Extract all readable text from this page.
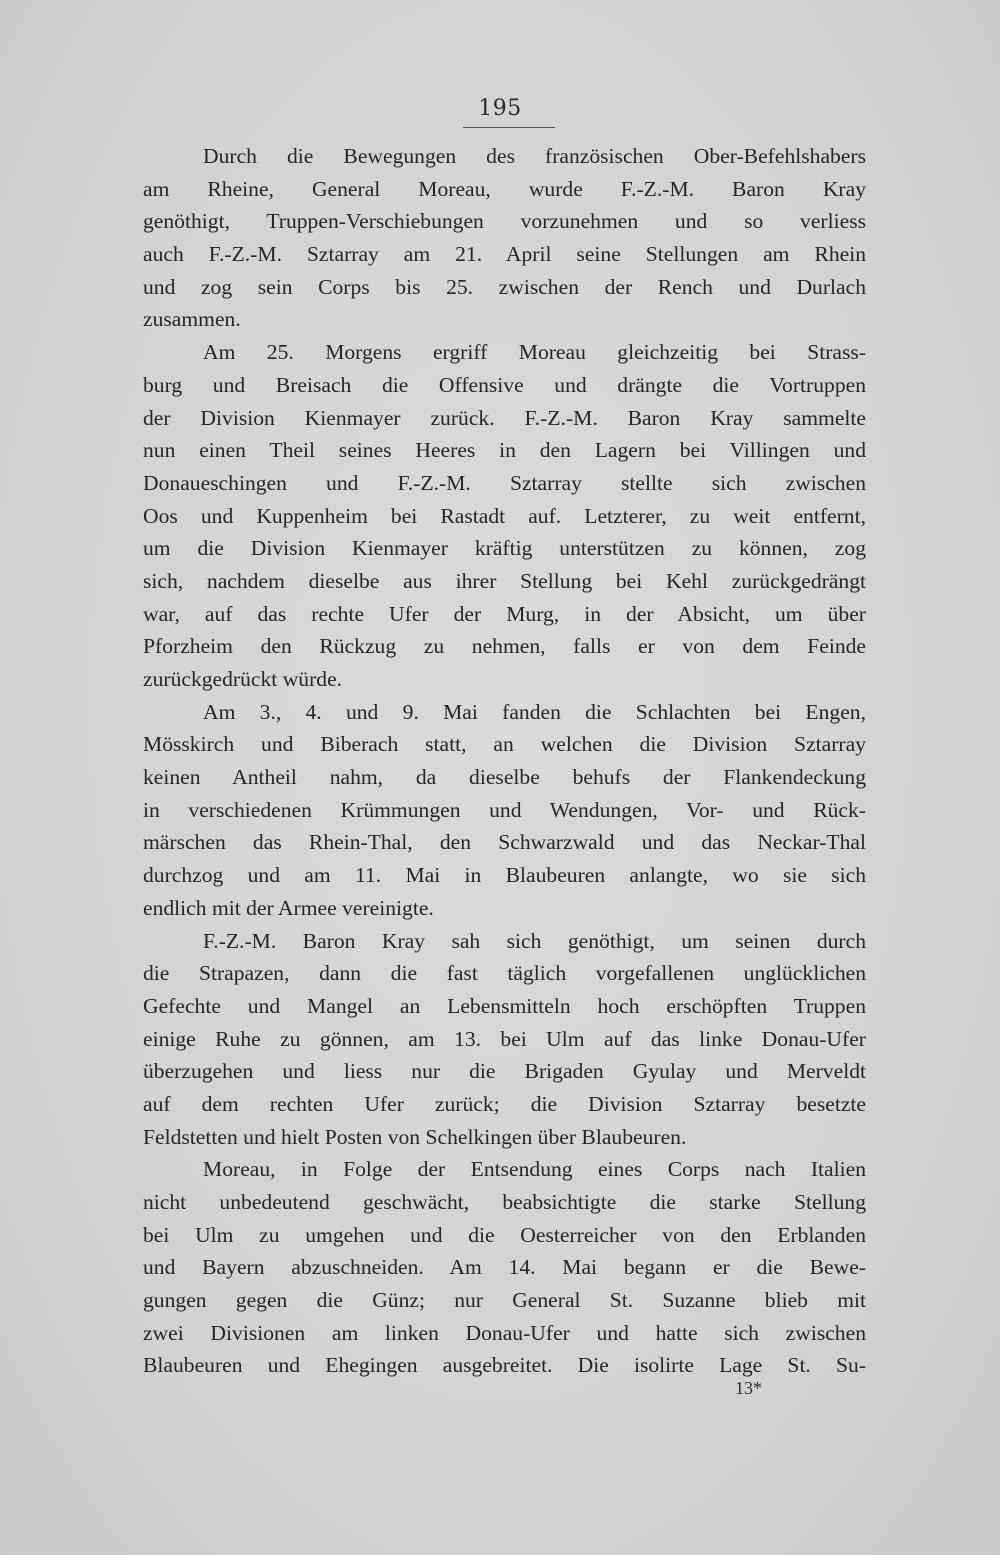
195
Durch die Bewegungen des französischen Ober-Befehlshabers
am Rheine, General Moreau, wurde F.-Z.-M. Baron Kray
genöthigt, Truppen-Verschiebungen vorzunehmen und so verliess
auch F.-Z.-M. Sztarray am 21. April seine Stellungen am Rhein
und zog sein Corps bis 25. zwischen der Rench und Durlach
zusammen.
Am 25. Morgens ergriff Moreau gleichzeitig bei Strass-
burg und Breisach die Offensive und drängte die Vortruppen
der Division Kienmayer zurück. F.-Z.-M. Baron Kray sammelte
nun einen Theil seines Heeres in den Lagern bei Villingen und
Donaueschingen und F.-Z.-M. Sztarray stellte sich zwischen
Oos und Kuppenheim bei Rastadt auf. Letzterer, zu weit entfernt,
um die Division Kienmayer kräftig unterstützen zu können, zog
sich, nachdem dieselbe aus ihrer Stellung bei Kehl zurückgedrängt
war, auf das rechte Ufer der Murg, in der Absicht, um über
Pforzheim den Rückzug zu nehmen, falls er von dem Feinde
zurückgedrückt würde.
Am 3., 4. und 9. Mai fanden die Schlachten bei Engen,
Mösskirch und Biberach statt, an welchen die Division Sztarray
keinen Antheil nahm, da dieselbe behufs der Flankendeckung
in verschiedenen Krümmungen und Wendungen, Vor- und Rück-
märschen das Rhein-Thal, den Schwarzwald und das Neckar-Thal
durchzog und am 11. Mai in Blaubeuren anlangte, wo sie sich
endlich mit der Armee vereinigte.
F.-Z.-M. Baron Kray sah sich genöthigt, um seinen durch
die Strapazen, dann die fast täglich vorgefallenen unglücklichen
Gefechte und Mangel an Lebensmitteln hoch erschöpften Truppen
einige Ruhe zu gönnen, am 13. bei Ulm auf das linke Donau-Ufer
überzugehen und liess nur die Brigaden Gyulay und Merveldt
auf dem rechten Ufer zurück; die Division Sztarray besetzte
Feldstetten und hielt Posten von Schelkingen über Blaubeuren.
Moreau, in Folge der Entsendung eines Corps nach Italien
nicht unbedeutend geschwächt, beabsichtigte die starke Stellung
bei Ulm zu umgehen und die Oesterreicher von den Erblanden
und Bayern abzuschneiden. Am 14. Mai begann er die Bewe-
gungen gegen die Günz; nur General St. Suzanne blieb mit
zwei Divisionen am linken Donau-Ufer und hatte sich zwischen
Blaubeuren und Ehegingen ausgebreitet. Die isolirte Lage St. Su-
13*
